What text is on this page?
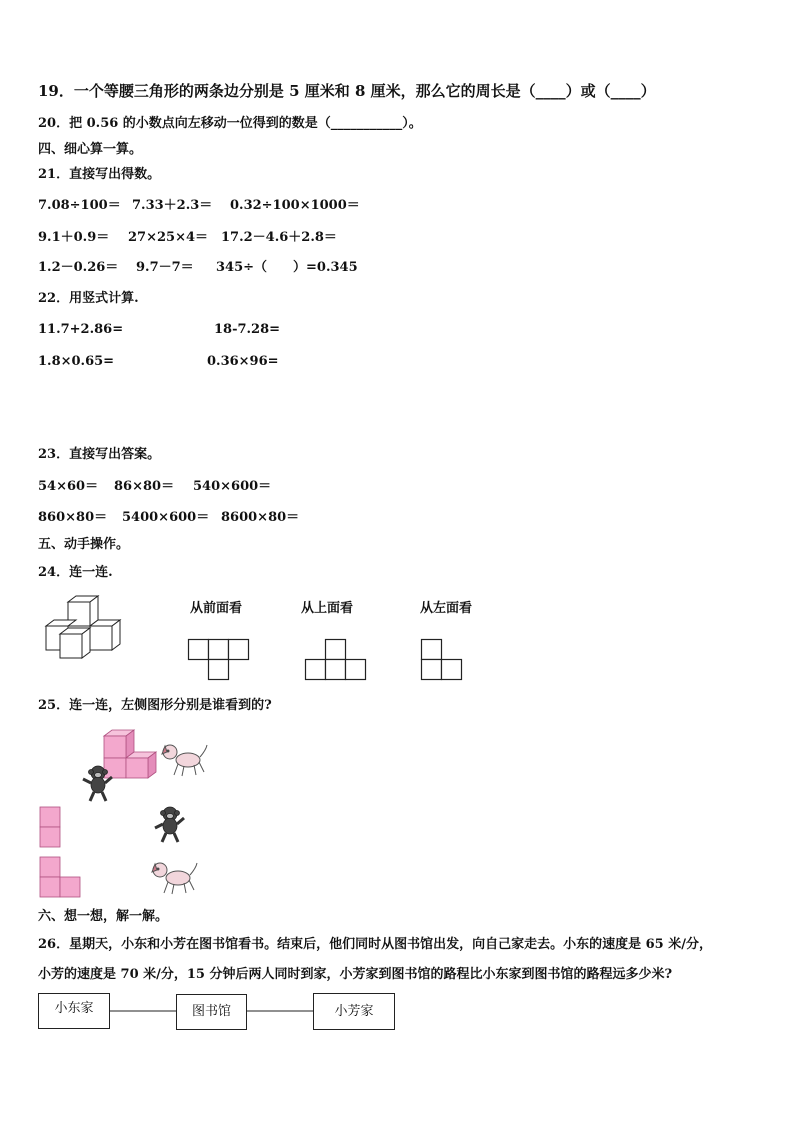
19．一个等腰三角形的两条边分别是 5 厘米和 8 厘米，那么它的周长是（____）或（____）
20．把 0.56 的小数点向左移动一位得到的数是（___________）。
四、细心算一算。
21．直接写出得数。
7.08÷100＝ 7.33＋2.3＝ 0.32÷100×1000＝
9.1＋0.9＝ 27×25×4＝ 17.2－4.6＋2.8＝
1.2－0.26＝ 9.7－7＝ 345÷（　　）=0.345
22．用竖式计算.
11.7+2.86=	18-7.28=
1.8×0.65=	0.36×96=
23．直接写出答案。
54×60＝ 86×80＝ 540×600＝
860×80＝ 5400×600＝ 8600×80＝
五、动手操作。
24．连一连.
从前面看	从上面看	从左面看
25．连一连，左侧图形分别是谁看到的?
六、想一想，解一解。
26．星期天，小东和小芳在图书馆看书。结束后，他们同时从图书馆出发，向自己家走去。小东的速度是 65 米/分，
小芳的速度是 70 米/分，15 分钟后两人同时到家，小芳家到图书馆的路程比小东家到图书馆的路程远多少米?
小东家	图书馆	小芳家
